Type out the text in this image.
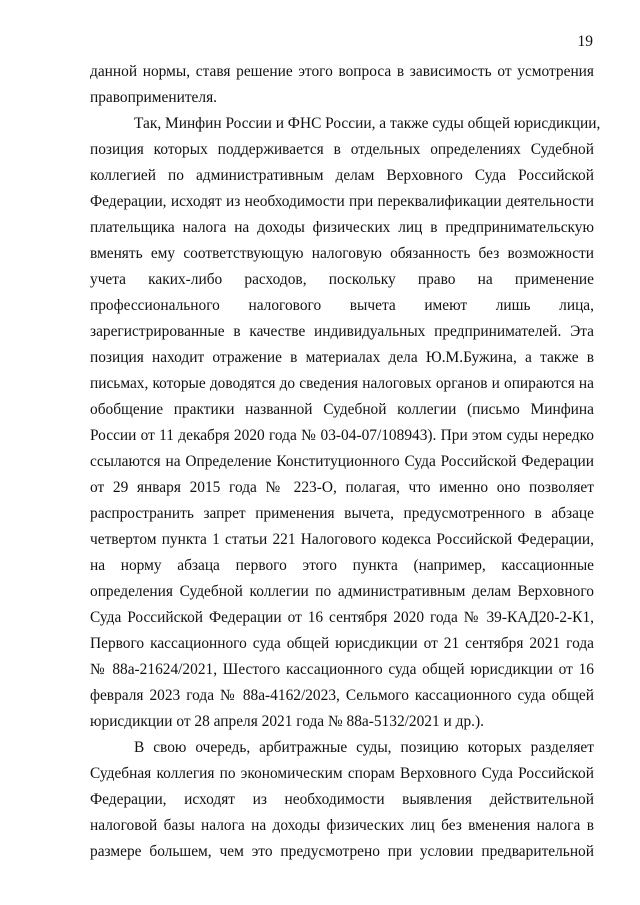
19
данной нормы, ставя решение этого вопроса в зависимость от усмотрения
правоприменителя.
Так, Минфин России и ФНС России, а также суды общей юрисдикции,
позиция которых поддерживается в отдельных определениях Судебной
коллегией по административным делам Верховного Суда Российской
Федерации, исходят из необходимости при переквалификации деятельности
плательщика налога на доходы физических лиц в предпринимательскую
вменять ему соответствующую налоговую обязанность без возможности
учета каких-либо расходов, поскольку право на применение
профессионального налогового вычета имеют лишь лица,
зарегистрированные в качестве индивидуальных предпринимателей. Эта
позиция находит отражение в материалах дела Ю.М.Бужина, а также в
письмах, которые доводятся до сведения налоговых органов и опираются на
обобщение практики названной Судебной коллегии (письмо Минфина
России от 11 декабря 2020 года № 03-04-07/108943). При этом суды нередко
ссылаются на Определение Конституционного Суда Российской Федерации
от 29 января 2015 года № 223-О, полагая, что именно оно позволяет
распространить запрет применения вычета, предусмотренного в абзаце
четвертом пункта 1 статьи 221 Налогового кодекса Российской Федерации,
на норму абзаца первого этого пункта (например, кассационные
определения Судебной коллегии по административным делам Верховного
Суда Российской Федерации от 16 сентября 2020 года № 39-КАД20-2-К1,
Первого кассационного суда общей юрисдикции от 21 сентября 2021 года
№ 88а-21624/2021, Шестого кассационного суда общей юрисдикции от 16
февраля 2023 года № 88а-4162/2023, Сельмого кассационного суда общей
юрисдикции от 28 апреля 2021 года № 88а-5132/2021 и др.).
В свою очередь, арбитражные суды, позицию которых разделяет
Судебная коллегия по экономическим спорам Верховного Суда Российской
Федерации, исходят из необходимости выявления действительной
налоговой базы налога на доходы физических лиц без вменения налога в
размере большем, чем это предусмотрено при условии предварительной
